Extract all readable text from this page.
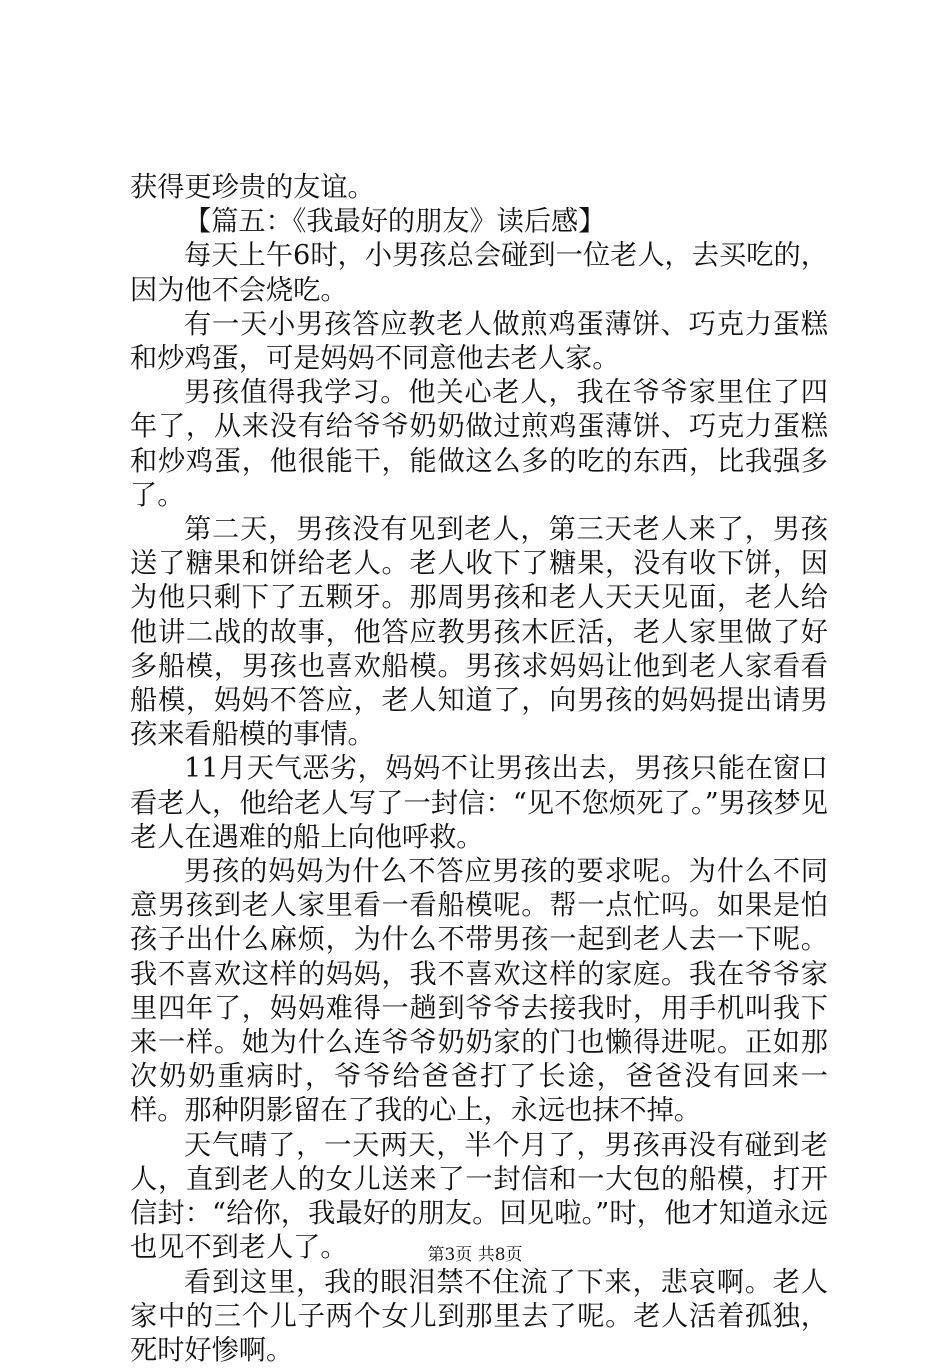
获得更珍贵的友谊。

【篇五：《我最好的朋友》读后感】

每天上午6时，小男孩总会碰到一位老人，去买吃的，因为他不会烧吃。

有一天小男孩答应教老人做煎鸡蛋薄饼、巧克力蛋糕和炒鸡蛋，可是妈妈不同意他去老人家。

男孩值得我学习。他关心老人，我在爷爷家里住了四年了，从来没有给爷爷奶奶做过煎鸡蛋薄饼、巧克力蛋糕和炒鸡蛋，他很能干，能做这么多的吃的东西，比我强多了。

第二天，男孩没有见到老人，第三天老人来了，男孩送了糖果和饼给老人。老人收下了糖果，没有收下饼，因为他只剩下了五颗牙。那周男孩和老人天天见面，老人给他讲二战的故事，他答应教男孩木匠活，老人家里做了好多船模，男孩也喜欢船模。男孩求妈妈让他到老人家看看船模，妈妈不答应，老人知道了，向男孩的妈妈提出请男孩来看船模的事情。

11月天气恶劣，妈妈不让男孩出去，男孩只能在窗口看老人，他给老人写了一封信：“见不您烦死了。”男孩梦见老人在遇难的船上向他呼救。

男孩的妈妈为什么不答应男孩的要求呢。为什么不同意男孩到老人家里看一看船模呢。帮一点忙吗。如果是怕孩子出什么麻烦，为什么不带男孩一起到老人去一下呢。我不喜欢这样的妈妈，我不喜欢这样的家庭。我在爷爷家里四年了，妈妈难得一趟到爷爷去接我时，用手机叫我下来一样。她为什么连爷爷奶奶家的门也懒得进呢。正如那次奶奶重病时，爷爷给爸爸打了长途，爸爸没有回来一样。那种阴影留在了我的心上，永远也抹不掉。

天气晴了，一天两天，半个月了，男孩再没有碰到老人，直到老人的女儿送来了一封信和一大包的船模，打开信封：“给你，我最好的朋友。回见啦。”时，他才知道永远也见不到老人了。

看到这里，我的眼泪禁不住流了下来，悲哀啊。老人家中的三个儿子两个女儿到那里去了呢。老人活着孤独，死时好惨啊。

第3页 共8页
